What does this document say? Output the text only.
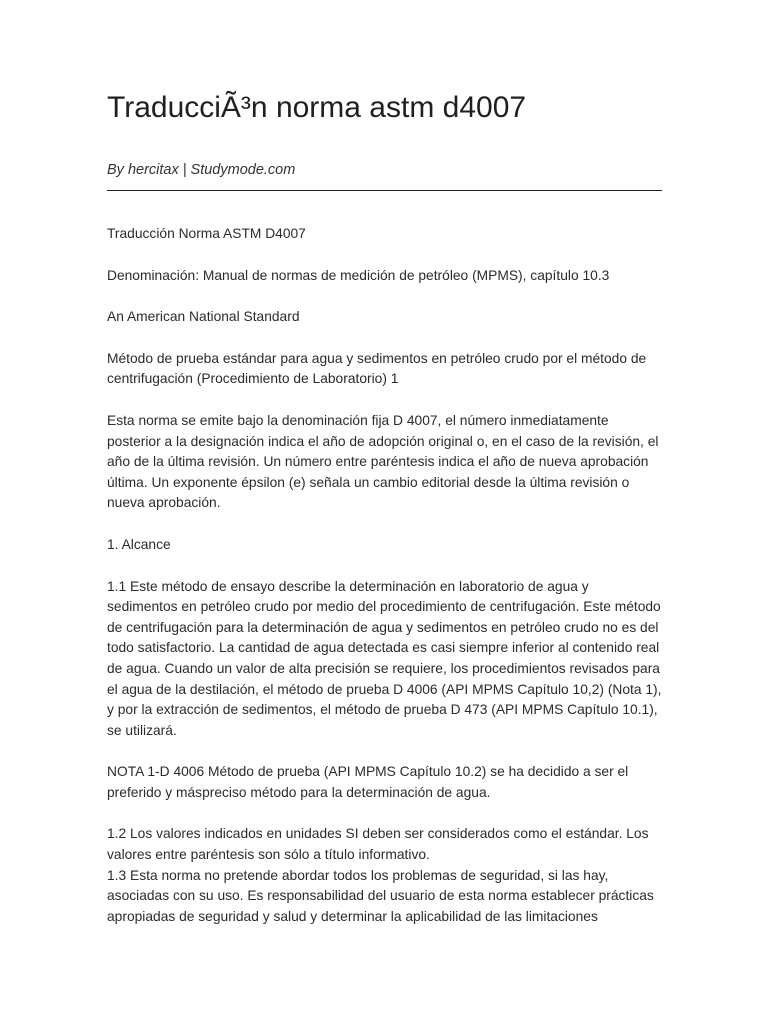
TraducciÃ³n norma astm d4007
By hercitax | Studymode.com

Traducción Norma ASTM D4007

Denominación: Manual de normas de medición de petróleo (MPMS), capítulo 10.3

An American National Standard

Método de prueba estándar para agua y sedimentos en petróleo crudo por el método de centrifugación (Procedimiento de Laboratorio) 1

Esta norma se emite bajo la denominación fija D 4007, el número inmediatamente posterior a la designación indica el año de adopción original o, en el caso de la revisión, el año de la última revisión. Un número entre paréntesis indica el año de nueva aprobación última. Un exponente épsilon (e) señala un cambio editorial desde la última revisión o nueva aprobación.

1. Alcance

1.1 Este método de ensayo describe la determinación en laboratorio de agua y sedimentos en petróleo crudo por medio del procedimiento de centrifugación. Este método de centrifugación para la determinación de agua y sedimentos en petróleo crudo no es del todo satisfactorio. La cantidad de agua detectada es casi siempre inferior al contenido real de agua. Cuando un valor de alta precisión se requiere, los procedimientos revisados para el agua de la destilación, el método de prueba D 4006 (API MPMS Capítulo 10,2) (Nota 1), y por la extracción de sedimentos, el método de prueba D 473 (API MPMS Capítulo 10.1), se utilizará.

NOTA 1-D 4006 Método de prueba (API MPMS Capítulo 10.2) se ha decidido a ser el preferido y máspreciso método para la determinación de agua.

1.2 Los valores indicados en unidades SI deben ser considerados como el estándar. Los valores entre paréntesis son sólo a título informativo.

1.3 Esta norma no pretende abordar todos los problemas de seguridad, si las hay, asociadas con su uso. Es responsabilidad del usuario de esta norma establecer prácticas apropiadas de seguridad y salud y determinar la aplicabilidad de las limitaciones
